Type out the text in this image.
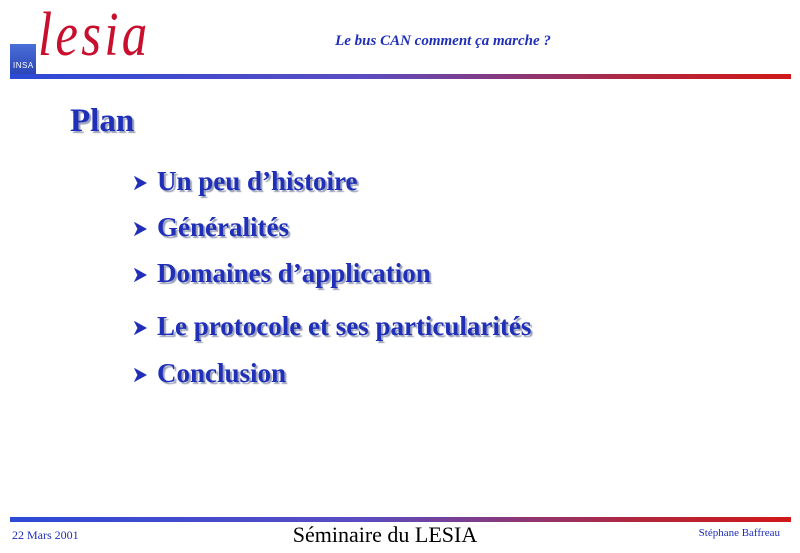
INSA lesia	Le bus CAN comment ça marche ?
Plan
Un peu d’histoire
Généralités
Domaines d’application
Le protocole et ses particularités
Conclusion
22 Mars 2001	Séminaire du LESIA	Stéphane Baffreau
